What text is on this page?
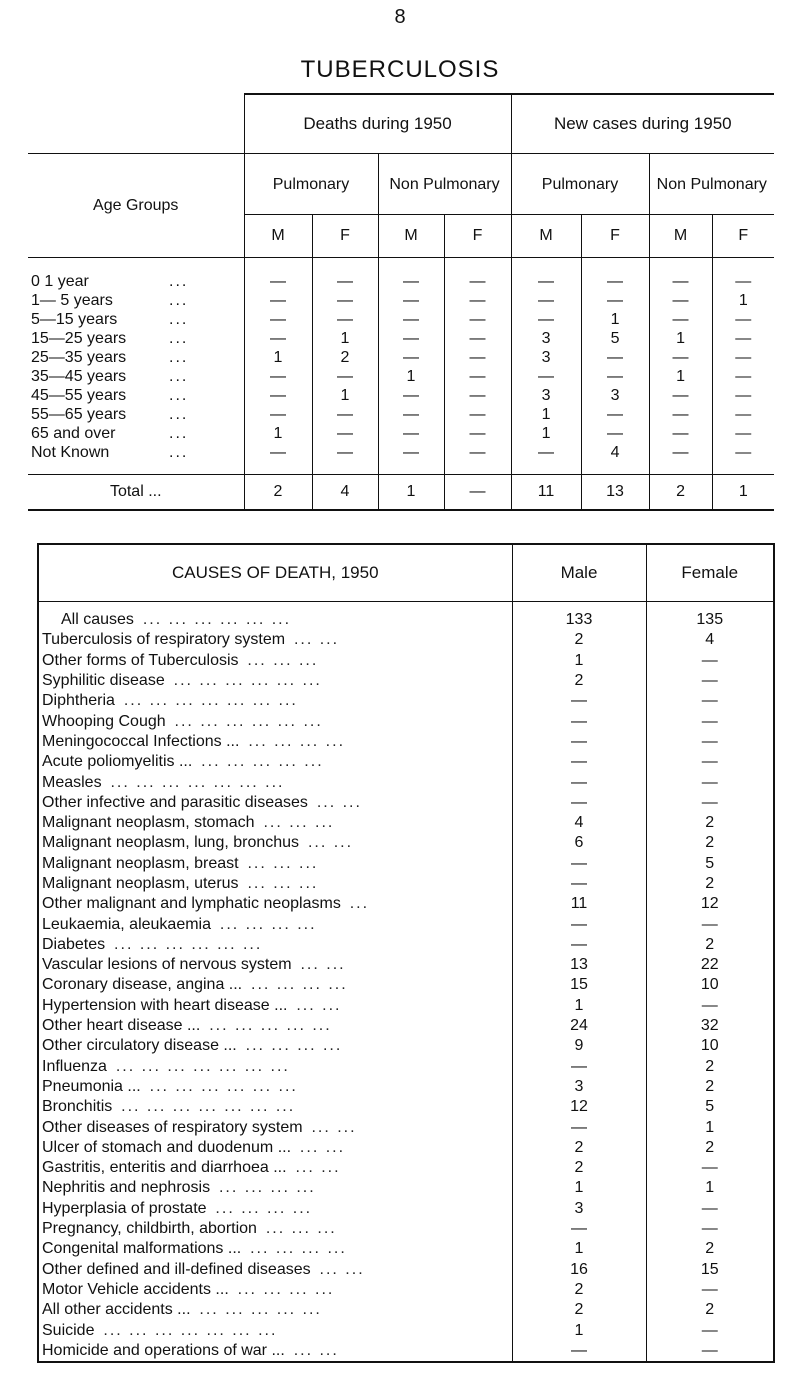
8
TUBERCULOSIS
	Deaths during 1950				New cases during 1950			
Age Groups	Pulmonary		Non Pulmonary		Pulmonary		Non Pulmonary	
	M	F	M	F	M	F	M	F
0 1 year ...	—	—	—	—	—	—	—	—
1— 5 years ...	—	—	—	—	—	—	—	1
5—15 years ...	—	—	—	—	—	1	—	—
15—25 years ...	—	1	—	—	3	5	1	—
25—35 years ...	1	2	—	—	3	—	—	—
35—45 years ...	—	—	1	—	—	—	1	—
45—55 years ...	—	1	—	—	3	3	—	—
55—65 years ...	—	—	—	—	1	—	—	—
65 and over ...	1	—	—	—	1	—	—	—
Not Known ...	—	—	—	—	—	4	—	—
Total ...	2	4	1	—	11	13	2	1
CAUSES OF DEATH, 1950	Male	Female
All causes ... ... ... ... ... ...	133	135
Tuberculosis of respiratory system ... ...	2	4
Other forms of Tuberculosis ... ... ...	1	—
Syphilitic disease ... ... ... ... ... ...	2	—
Diphtheria ... ... ... ... ... ... ...	—	—
Whooping Cough ... ... ... ... ... ...	—	—
Meningococcal Infections ... ... ... ... ...	—	—
Acute poliomyelitis ... ... ... ... ... ...	—	—
Measles ... ... ... ... ... ... ...	—	—
Other infective and parasitic diseases ... ...	—	—
Malignant neoplasm, stomach ... ... ...	4	2
Malignant neoplasm, lung, bronchus ... ...	6	2
Malignant neoplasm, breast ... ... ...	—	5
Malignant neoplasm, uterus ... ... ...	—	2
Other malignant and lymphatic neoplasms ...	11	12
Leukaemia, aleukaemia ... ... ... ...	—	—
Diabetes ... ... ... ... ... ...	—	2
Vascular lesions of nervous system ... ...	13	22
Coronary disease, angina ... ... ... ... ...	15	10
Hypertension with heart disease ... ... ...	1	—
Other heart disease ... ... ... ... ... ...	24	32
Other circulatory disease ... ... ... ... ...	9	10
Influenza ... ... ... ... ... ... ...	—	2
Pneumonia ... ... ... ... ... ... ...	3	2
Bronchitis ... ... ... ... ... ... ...	12	5
Other diseases of respiratory system ... ...	—	1
Ulcer of stomach and duodenum ... ... ...	2	2
Gastritis, enteritis and diarrhoea ... ... ...	2	—
Nephritis and nephrosis ... ... ... ...	1	1
Hyperplasia of prostate ... ... ... ...	3	—
Pregnancy, childbirth, abortion ... ... ...	—	—
Congenital malformations ... ... ... ... ...	1	2
Other defined and ill-defined diseases ... ...	16	15
Motor Vehicle accidents ... ... ... ... ...	2	—
All other accidents ... ... ... ... ... ...	2	2
Suicide ... ... ... ... ... ... ...	1	—
Homicide and operations of war ... ... ...	—	—
